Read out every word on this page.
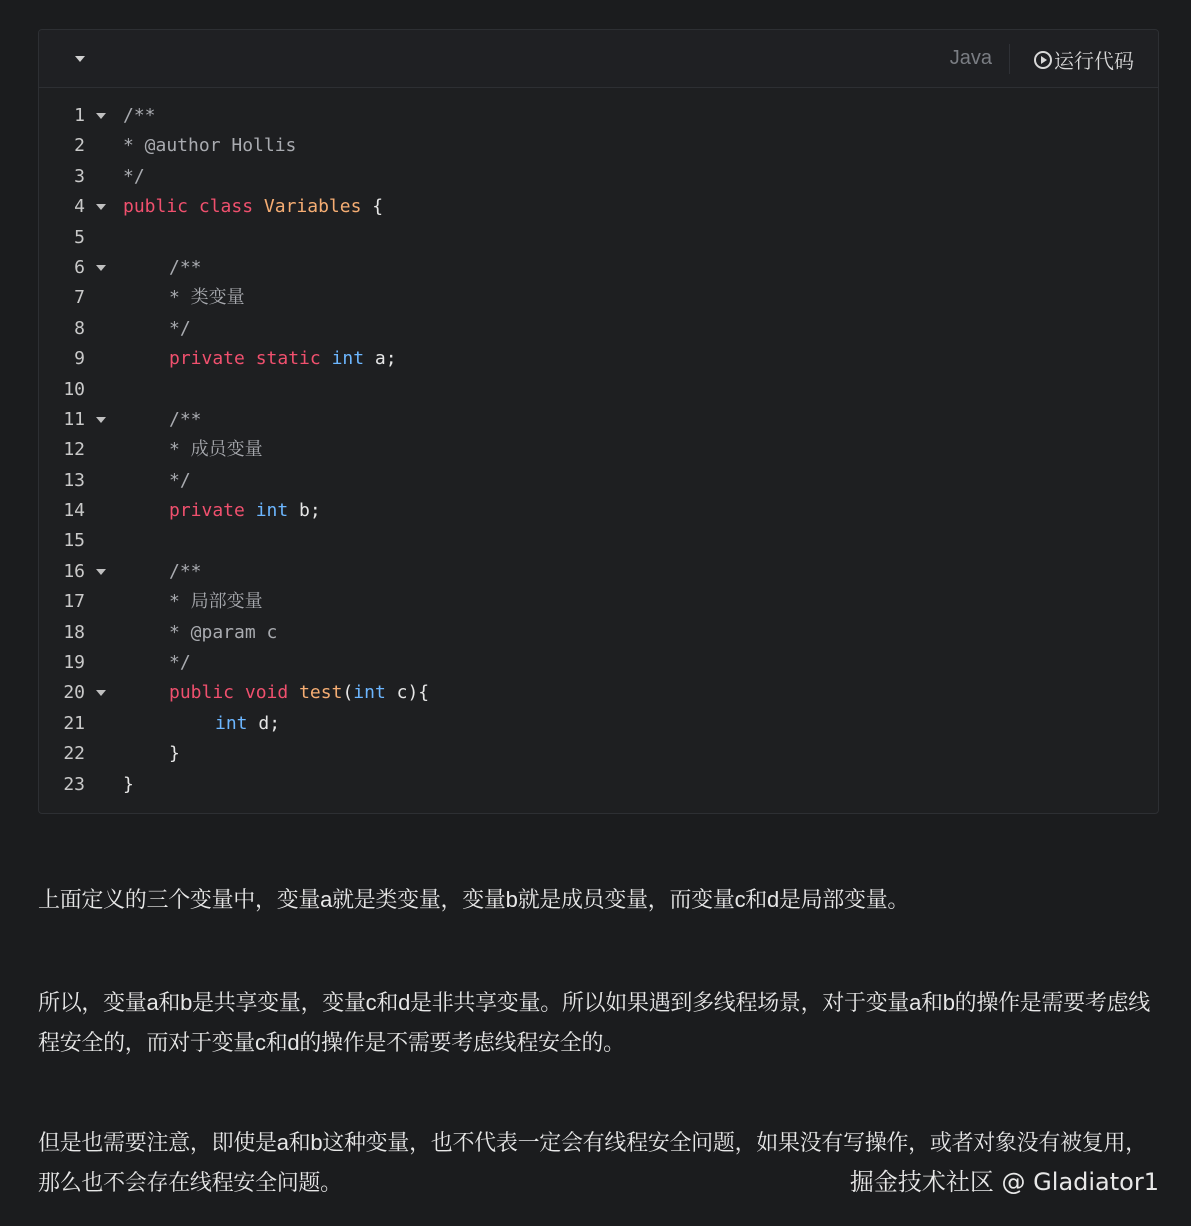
Java	运行代码
1 /**
2 * @author Hollis
3 */
4 public class Variables {
5
6	/**
7	* 类变量
8	*/
9	private static int a;
10
11	/**
12	* 成员变量
13	*/
14	private int b;
15
16	/**
17	* 局部变量
18	* @param c
19	*/
20	public void test(int c){
21	int d;
22	}
23 }
上面定义的三个变量中，变量a就是类变量，变量b就是成员变量，而变量c和d是局部变量。
所以，变量a和b是共享变量，变量c和d是非共享变量。所以如果遇到多线程场景，对于变量a和b的操作是需要考虑线程安全的，而对于变量c和d的操作是不需要考虑线程安全的。
但是也需要注意，即使是a和b这种变量，也不代表一定会有线程安全问题，如果没有写操作，或者对象没有被复用，那么也不会存在线程安全问题。	掘金技术社区 @ Gladiator1
